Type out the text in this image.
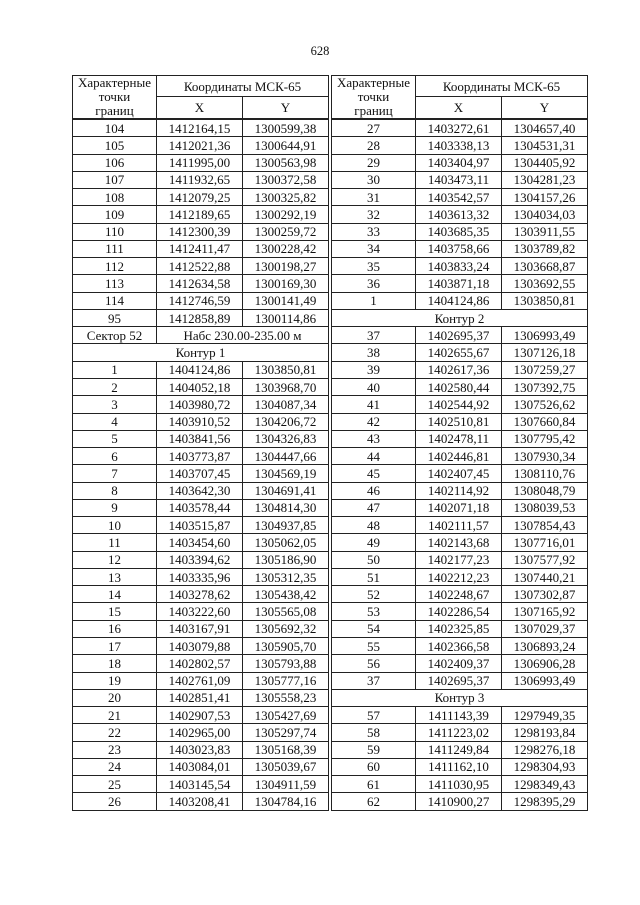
628
Характерные
точки
границ	Координаты МСК-65	
	X	Y
104	1412164,15	1300599,38
105	1412021,36	1300644,91
106	1411995,00	1300563,98
107	1411932,65	1300372,58
108	1412079,25	1300325,82
109	1412189,65	1300292,19
110	1412300,39	1300259,72
111	1412411,47	1300228,42
112	1412522,88	1300198,27
113	1412634,58	1300169,30
114	1412746,59	1300141,49
95	1412858,89	1300114,86
Сектор 52	Набс 230.00-235.00 м	
Контур 1		
1	1404124,86	1303850,81
2	1404052,18	1303968,70
3	1403980,72	1304087,34
4	1403910,52	1304206,72
5	1403841,56	1304326,83
6	1403773,87	1304447,66
7	1403707,45	1304569,19
8	1403642,30	1304691,41
9	1403578,44	1304814,30
10	1403515,87	1304937,85
11	1403454,60	1305062,05
12	1403394,62	1305186,90
13	1403335,96	1305312,35
14	1403278,62	1305438,42
15	1403222,60	1305565,08
16	1403167,91	1305692,32
17	1403079,88	1305905,70
18	1402802,57	1305793,88
19	1402761,09	1305777,16
20	1402851,41	1305558,23
21	1402907,53	1305427,69
22	1402965,00	1305297,74
23	1403023,83	1305168,39
24	1403084,01	1305039,67
25	1403145,54	1304911,59
26	1403208,41	1304784,16
Характерные
точки
границ	Координаты МСК-65	
	X	Y
27	1403272,61	1304657,40
28	1403338,13	1304531,31
29	1403404,97	1304405,92
30	1403473,11	1304281,23
31	1403542,57	1304157,26
32	1403613,32	1304034,03
33	1403685,35	1303911,55
34	1403758,66	1303789,82
35	1403833,24	1303668,87
36	1403871,18	1303692,55
1	1404124,86	1303850,81
Контур 2		
37	1402695,37	1306993,49
38	1402655,67	1307126,18
39	1402617,36	1307259,27
40	1402580,44	1307392,75
41	1402544,92	1307526,62
42	1402510,81	1307660,84
43	1402478,11	1307795,42
44	1402446,81	1307930,34
45	1402407,45	1308110,76
46	1402114,92	1308048,79
47	1402071,18	1308039,53
48	1402111,57	1307854,43
49	1402143,68	1307716,01
50	1402177,23	1307577,92
51	1402212,23	1307440,21
52	1402248,67	1307302,87
53	1402286,54	1307165,92
54	1402325,85	1307029,37
55	1402366,58	1306893,24
56	1402409,37	1306906,28
37	1402695,37	1306993,49
Контур 3		
57	1411143,39	1297949,35
58	1411223,02	1298193,84
59	1411249,84	1298276,18
60	1411162,10	1298304,93
61	1411030,95	1298349,43
62	1410900,27	1298395,29
